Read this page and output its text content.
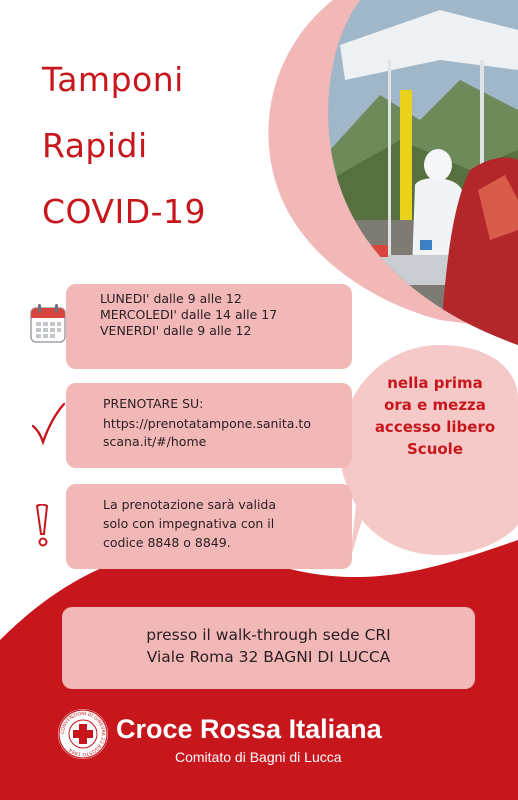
Tamponi
Rapidi
COVID-19
nella prima
ora e mezza
accesso libero
Scuole
LUNEDI' dalle 9 alle 12
MERCOLEDI' dalle 14 alle 17
VENERDI' dalle 9 alle 12
PRENOTARE SU:
https://prenotatampone.sanita.to
scana.it/#/home
La prenotazione sarà valida
solo con impegnativa con il
codice 8848 o 8849.
presso il walk-through sede CRI
Viale Roma 32 BAGNI DI LUCCA
CONVENZIONI DI GINEVRA 22 AGOSTO 1864
Croce Rossa Italiana
Comitato di Bagni di Lucca
